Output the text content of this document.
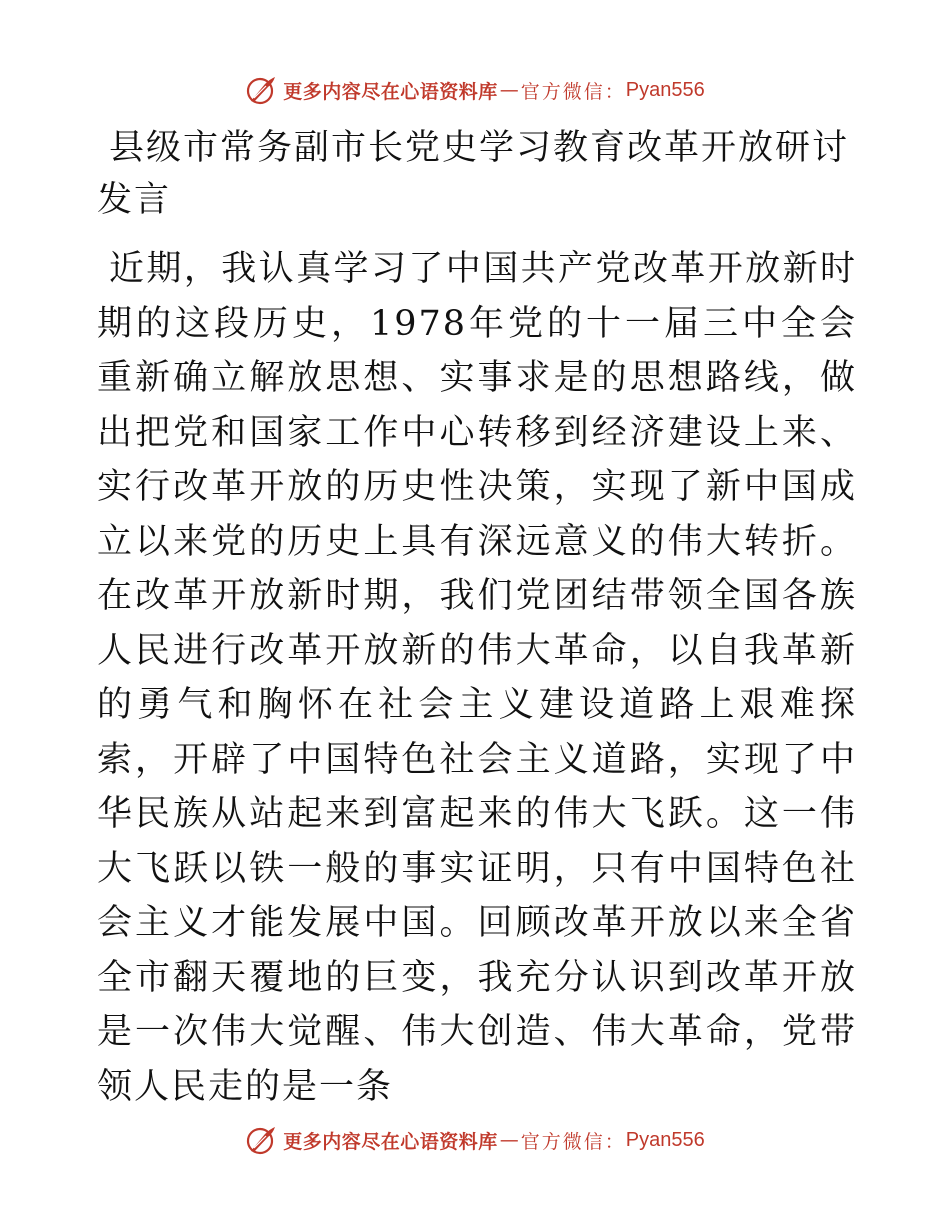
更多内容尽在心语资料库 — 官方微信： Pyan556
县级市常务副市长党史学习教育改革开放研讨发言

近期，我认真学习了中国共产党改革开放新时期的这段历史，1978年党的十一届三中全会重新确立解放思想、实事求是的思想路线，做出把党和国家工作中心转移到经济建设上来、实行改革开放的历史性决策，实现了新中国成立以来党的历史上具有深远意义的伟大转折。在改革开放新时期，我们党团结带领全国各族人民进行改革开放新的伟大革命，以自我革新的勇气和胸怀在社会主义建设道路上艰难探索，开辟了中国特色社会主义道路，实现了中华民族从站起来到富起来的伟大飞跃。这一伟大飞跃以铁一般的事实证明，只有中国特色社会主义才能发展中国。回顾改革开放以来全省全市翻天覆地的巨变，我充分认识到改革开放是一次伟大觉醒、伟大创造、伟大革命，党带领人民走的是一条

更多内容尽在心语资料库 — 官方微信： Pyan556
